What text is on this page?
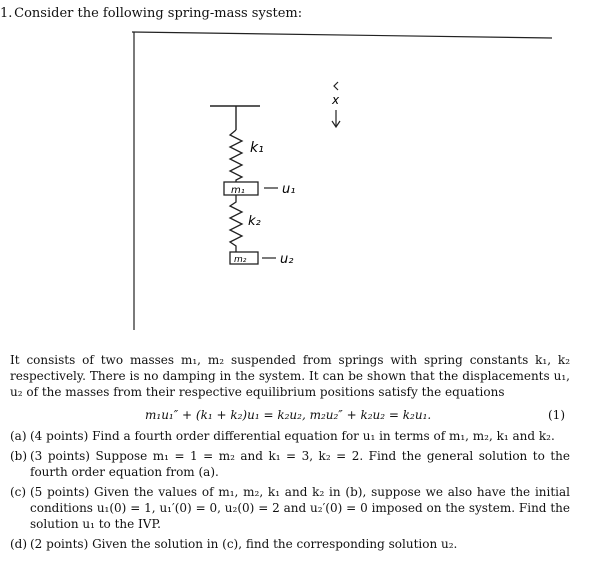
1. Consider the following spring-mass system:
k₁
m₁	u₁
k₂
m₂	u₂
x
It consists of two masses m₁, m₂ suspended from springs with spring constants k₁, k₂ respectively. There is no damping in the system. It can be shown that the displacements u₁, u₂ of the masses from their respective equilibrium positions satisfy the equations
m₁u₁″ + (k₁ + k₂)u₁ = k₂u₂, m₂u₂″ + k₂u₂ = k₂u₁.	(1)
(a) (4 points) Find a fourth order differential equation for u₁ in terms of m₁, m₂, k₁ and k₂.
(b) (3 points) Suppose m₁ = 1 = m₂ and k₁ = 3, k₂ = 2. Find the general solution to the fourth order equation from (a).
(c) (5 points) Given the values of m₁, m₂, k₁ and k₂ in (b), suppose we also have the initial conditions u₁(0) = 1, u₁′(0) = 0, u₂(0) = 2 and u₂′(0) = 0 imposed on the system. Find the solution u₁ to the IVP.
(d) (2 points) Given the solution in (c), find the corresponding solution u₂.
